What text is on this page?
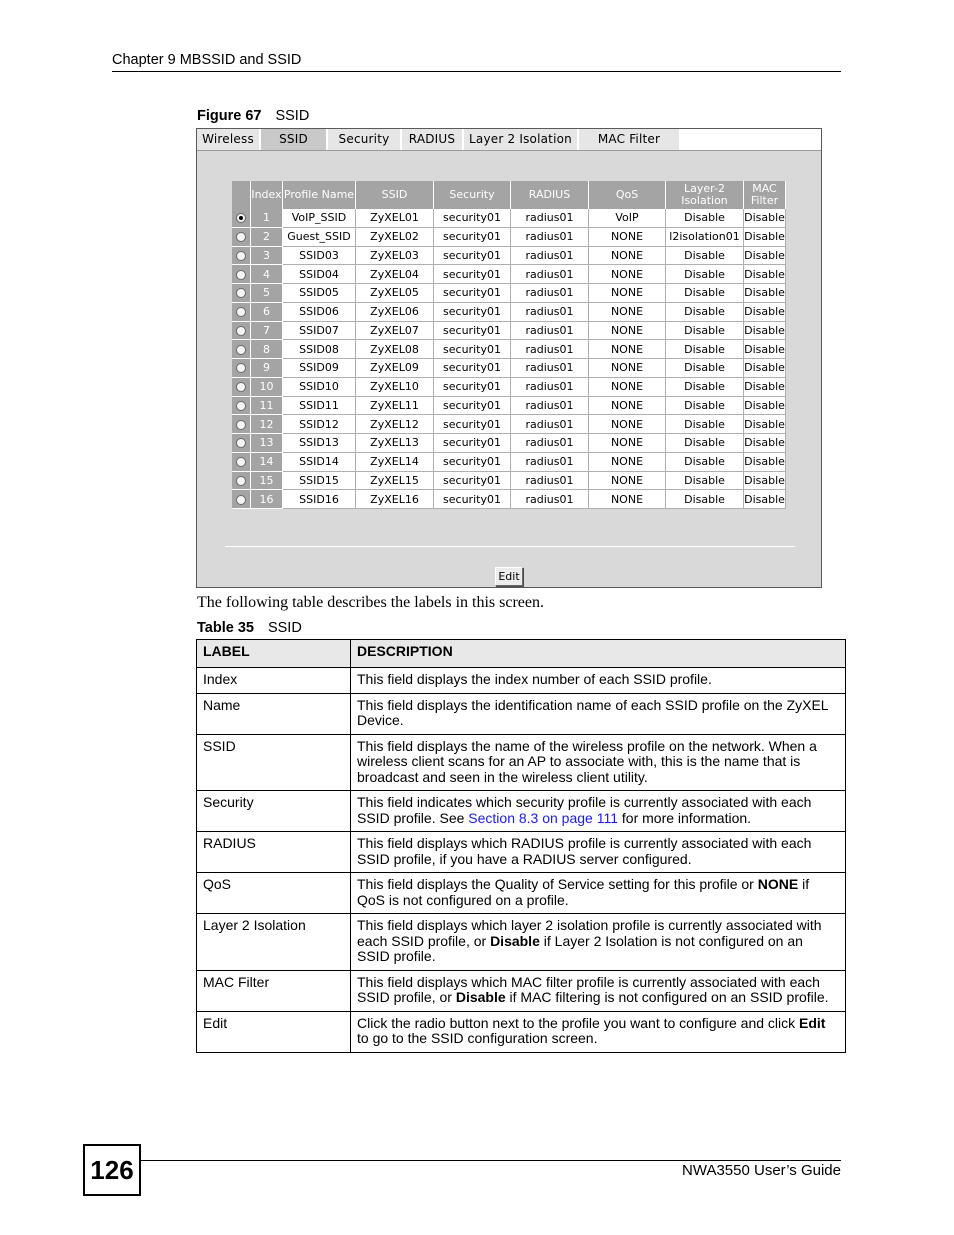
Chapter 9 MBSSID and SSID
Figure 67 SSID
Wireless	SSID	Security	RADIUS	Layer 2 Isolation	MAC Filter
	Index	Profile Name	SSID	Security	RADIUS	QoS	Layer-2 Isolation	MAC Filter
	1	VoIP_SSID	ZyXEL01	security01	radius01	VoIP	Disable	Disable
	2	Guest_SSID	ZyXEL02	security01	radius01	NONE	l2isolation01	Disable
	3	SSID03	ZyXEL03	security01	radius01	NONE	Disable	Disable
	4	SSID04	ZyXEL04	security01	radius01	NONE	Disable	Disable
	5	SSID05	ZyXEL05	security01	radius01	NONE	Disable	Disable
	6	SSID06	ZyXEL06	security01	radius01	NONE	Disable	Disable
	7	SSID07	ZyXEL07	security01	radius01	NONE	Disable	Disable
	8	SSID08	ZyXEL08	security01	radius01	NONE	Disable	Disable
	9	SSID09	ZyXEL09	security01	radius01	NONE	Disable	Disable
	10	SSID10	ZyXEL10	security01	radius01	NONE	Disable	Disable
	11	SSID11	ZyXEL11	security01	radius01	NONE	Disable	Disable
	12	SSID12	ZyXEL12	security01	radius01	NONE	Disable	Disable
	13	SSID13	ZyXEL13	security01	radius01	NONE	Disable	Disable
	14	SSID14	ZyXEL14	security01	radius01	NONE	Disable	Disable
	15	SSID15	ZyXEL15	security01	radius01	NONE	Disable	Disable
	16	SSID16	ZyXEL16	security01	radius01	NONE	Disable	Disable
Edit
The following table describes the labels in this screen.
Table 35 SSID
LABEL	DESCRIPTION
Index	This field displays the index number of each SSID profile.
Name	This field displays the identification name of each SSID profile on the ZyXEL Device.
SSID	This field displays the name of the wireless profile on the network. When a wireless client scans for an AP to associate with, this is the name that is broadcast and seen in the wireless client utility.
Security	This field indicates which security profile is currently associated with each SSID profile. See Section 8.3 on page 111 for more information.
RADIUS	This field displays which RADIUS profile is currently associated with each SSID profile, if you have a RADIUS server configured.
QoS	This field displays the Quality of Service setting for this profile or NONE if QoS is not configured on a profile.
Layer 2 Isolation	This field displays which layer 2 isolation profile is currently associated with each SSID profile, or Disable if Layer 2 Isolation is not configured on an SSID profile.
MAC Filter	This field displays which MAC filter profile is currently associated with each SSID profile, or Disable if MAC filtering is not configured on an SSID profile.
Edit	Click the radio button next to the profile you want to configure and click Edit to go to the SSID configuration screen.
126	NWA3550 User’s Guide
